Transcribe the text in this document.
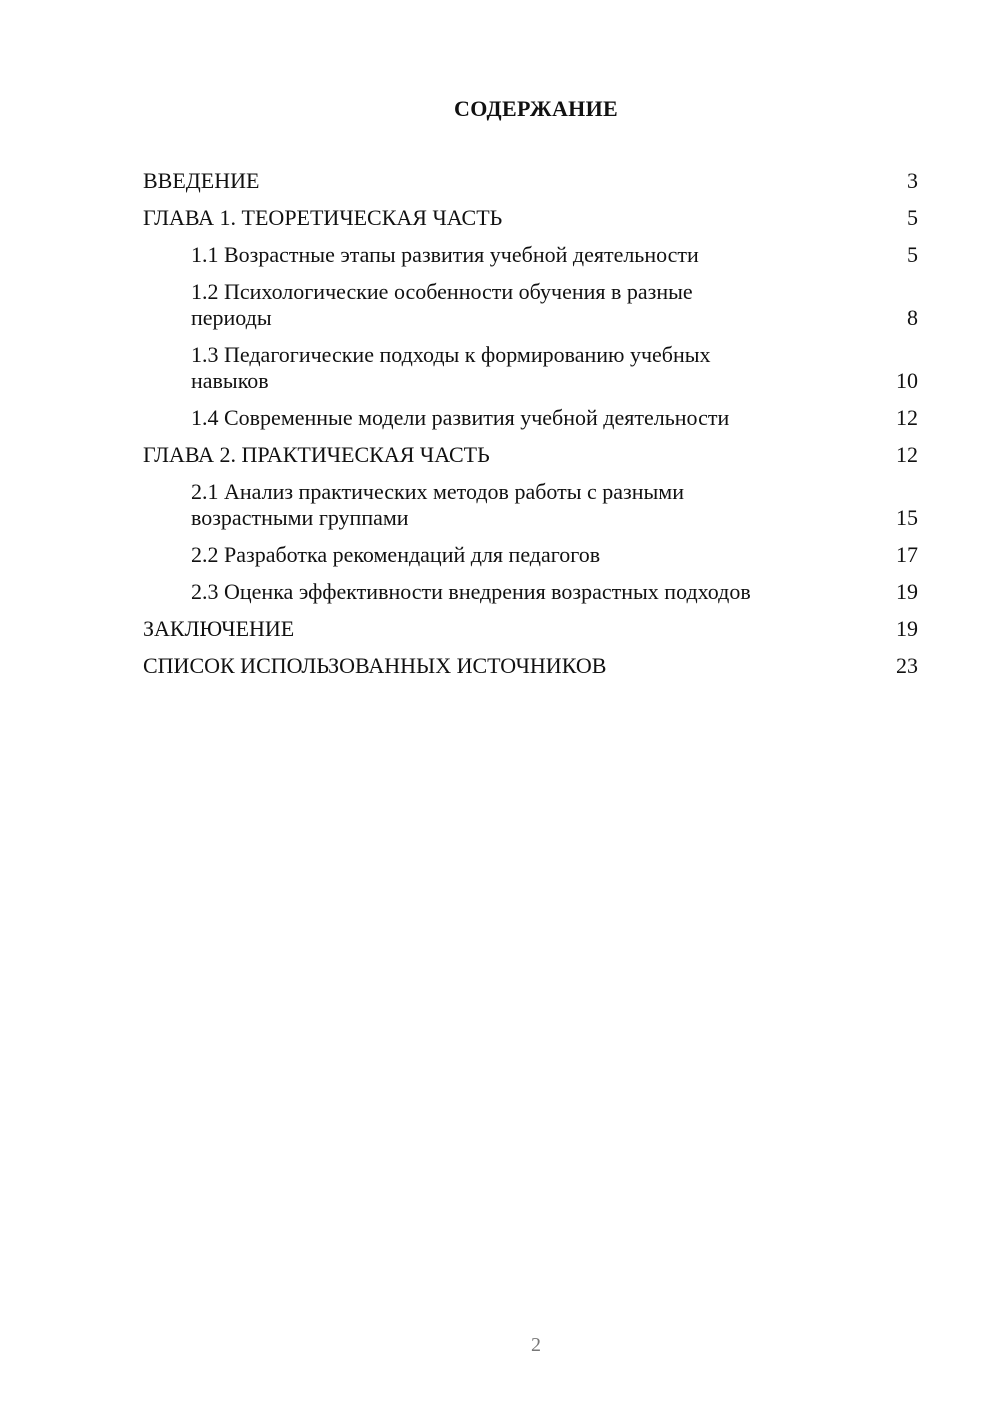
СОДЕРЖАНИЕ
ВВЕДЕНИЕ	3
ГЛАВА 1. ТЕОРЕТИЧЕСКАЯ ЧАСТЬ	5
1.1 Возрастные этапы развития учебной деятельности	5
1.2 Психологические особенности обучения в разные периоды	8
1.3 Педагогические подходы к формированию учебных навыков	10
1.4 Современные модели развития учебной деятельности	12
ГЛАВА 2. ПРАКТИЧЕСКАЯ ЧАСТЬ	12
2.1 Анализ практических методов работы с разными возрастными группами	15
2.2 Разработка рекомендаций для педагогов	17
2.3 Оценка эффективности внедрения возрастных подходов	19
ЗАКЛЮЧЕНИЕ	19
СПИСОК ИСПОЛЬЗОВАННЫХ ИСТОЧНИКОВ	23
2
